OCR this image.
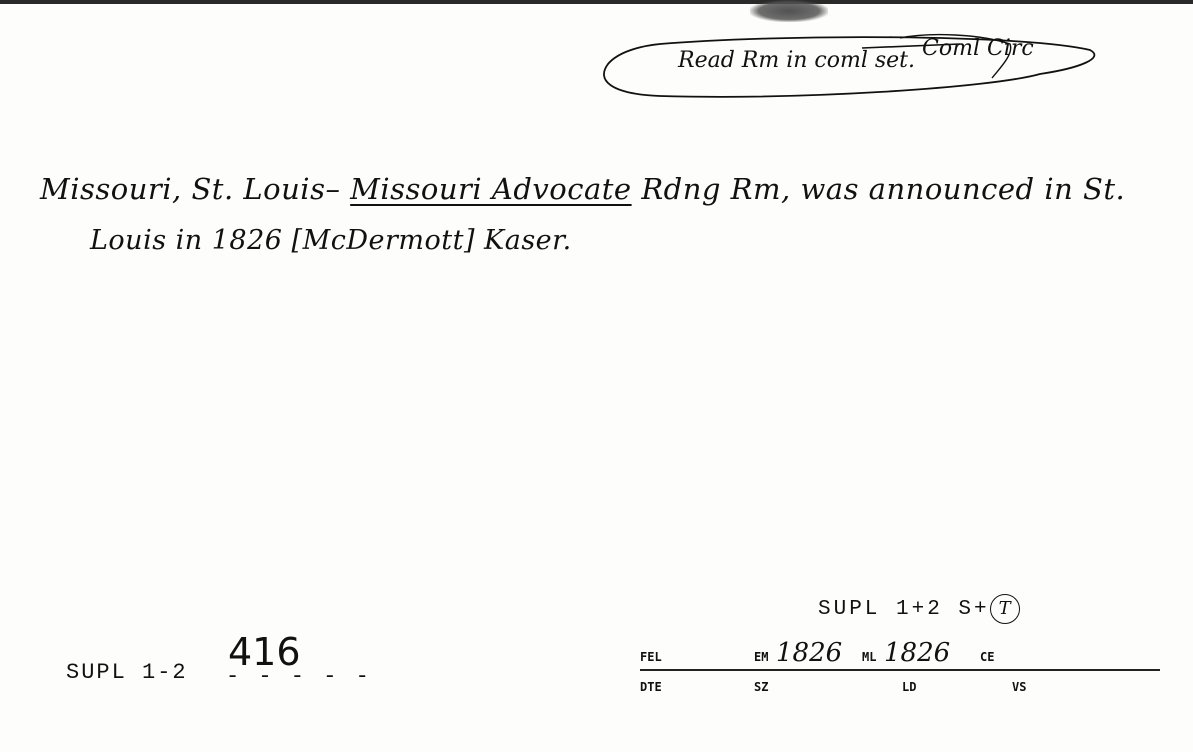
Read Rm in coml set. Coml Circ
Missouri, St. Louis– Missouri Advocate Rdng Rm, was announced in St.
Louis in 1826 [McDermott] Kaser.
SUPL 1-2 416
- - - - -
SUPL 1+2 S+ T
FEL	EM 1826 ML 1826 CE
DTE	SZ	LD	VS
